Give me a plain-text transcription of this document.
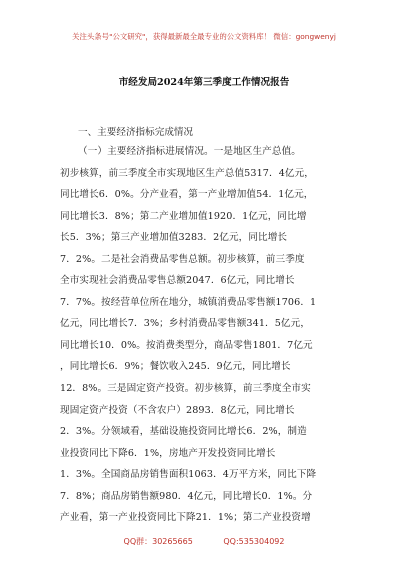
关注头条号"公文研究"，获得最新最全最专业的公文资料库！ 微信：gongwenyj
市经发局2024年第三季度工作情况报告
一、主要经济指标完成情况
（一）主要经济指标进展情况。一是地区生产总值。
初步核算，前三季度全市实现地区生产总值5317．4亿元，
同比增长6．0%。分产业看，第一产业增加值54．1亿元，
同比增长3．8%；第二产业增加值1920．1亿元，同比增
长5．3%；第三产业增加值3283．2亿元，同比增长
7．2%。二是社会消费品零售总额。初步核算，前三季度
全市实现社会消费品零售总额2047．6亿元，同比增长
7．7%。按经营单位所在地分，城镇消费品零售额1706．1
亿元，同比增长7．3%；乡村消费品零售额341．5亿元，
同比增长10．0%。按消费类型分，商品零售1801．7亿元
，同比增长6．9%；餐饮收入245．9亿元，同比增长
12．8%。三是固定资产投资。初步核算，前三季度全市实
现固定资产投资（不含农户）2893．8亿元，同比增长
2．3%。分领域看，基础设施投资同比增长6．2%，制造
业投资同比下降6．1%，房地产开发投资同比增长
1．3%。全国商品房销售面积1063．4万平方米，同比下降
7．8%；商品房销售额980．4亿元，同比增长0．1%。分
产业看，第一产业投资同比下降21．1%；第二产业投资增
QQ群：30265665	QQ:535304092
